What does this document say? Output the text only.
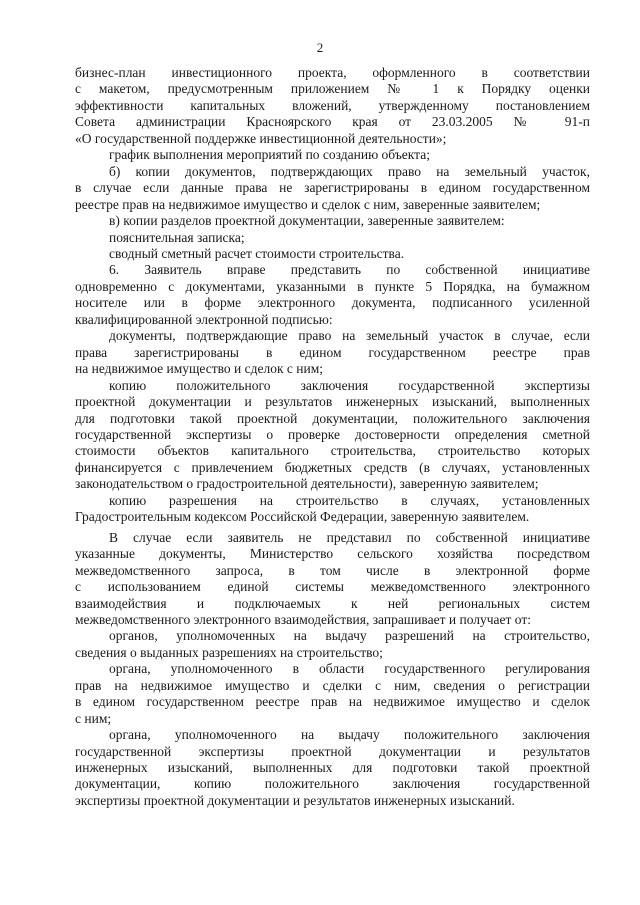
2
бизнес-план инвестиционного проекта, оформленного в соответствии
с макетом, предусмотренным приложением № 1 к Порядку оценки
эффективности капитальных вложений, утвержденному постановлением
Совета администрации Красноярского края от 23.03.2005 № 91-п
«О государственной поддержке инвестиционной деятельности»;
график выполнения мероприятий по созданию объекта;
б) копии документов, подтверждающих право на земельный участок,
в случае если данные права не зарегистрированы в едином государственном
реестре прав на недвижимое имущество и сделок с ним, заверенные заявителем;
в) копии разделов проектной документации, заверенные заявителем:
пояснительная записка;
сводный сметный расчет стоимости строительства.
6. Заявитель вправе представить по собственной инициативе
одновременно с документами, указанными в пункте 5 Порядка, на бумажном
носителе или в форме электронного документа, подписанного усиленной
квалифицированной электронной подписью:
документы, подтверждающие право на земельный участок в случае, если
права зарегистрированы в едином государственном реестре прав
на недвижимое имущество и сделок с ним;
копию положительного заключения государственной экспертизы
проектной документации и результатов инженерных изысканий, выполненных
для подготовки такой проектной документации, положительного заключения
государственной экспертизы о проверке достоверности определения сметной
стоимости объектов капитального строительства, строительство которых
финансируется с привлечением бюджетных средств (в случаях, установленных
законодательством о градостроительной деятельности), заверенную заявителем;
копию разрешения на строительство в случаях, установленных
Градостроительным кодексом Российской Федерации, заверенную заявителем.
В случае если заявитель не представил по собственной инициативе
указанные документы, Министерство сельского хозяйства посредством
межведомственного запроса, в том числе в электронной форме
с использованием единой системы межведомственного электронного
взаимодействия и подключаемых к ней региональных систем
межведомственного электронного взаимодействия, запрашивает и получает от:
органов, уполномоченных на выдачу разрешений на строительство,
сведения о выданных разрешениях на строительство;
органа, уполномоченного в области государственного регулирования
прав на недвижимое имущество и сделки с ним, сведения о регистрации
в едином государственном реестре прав на недвижимое имущество и сделок
с ним;
органа, уполномоченного на выдачу положительного заключения
государственной экспертизы проектной документации и результатов
инженерных изысканий, выполненных для подготовки такой проектной
документации, копию положительного заключения государственной
экспертизы проектной документации и результатов инженерных изысканий.
